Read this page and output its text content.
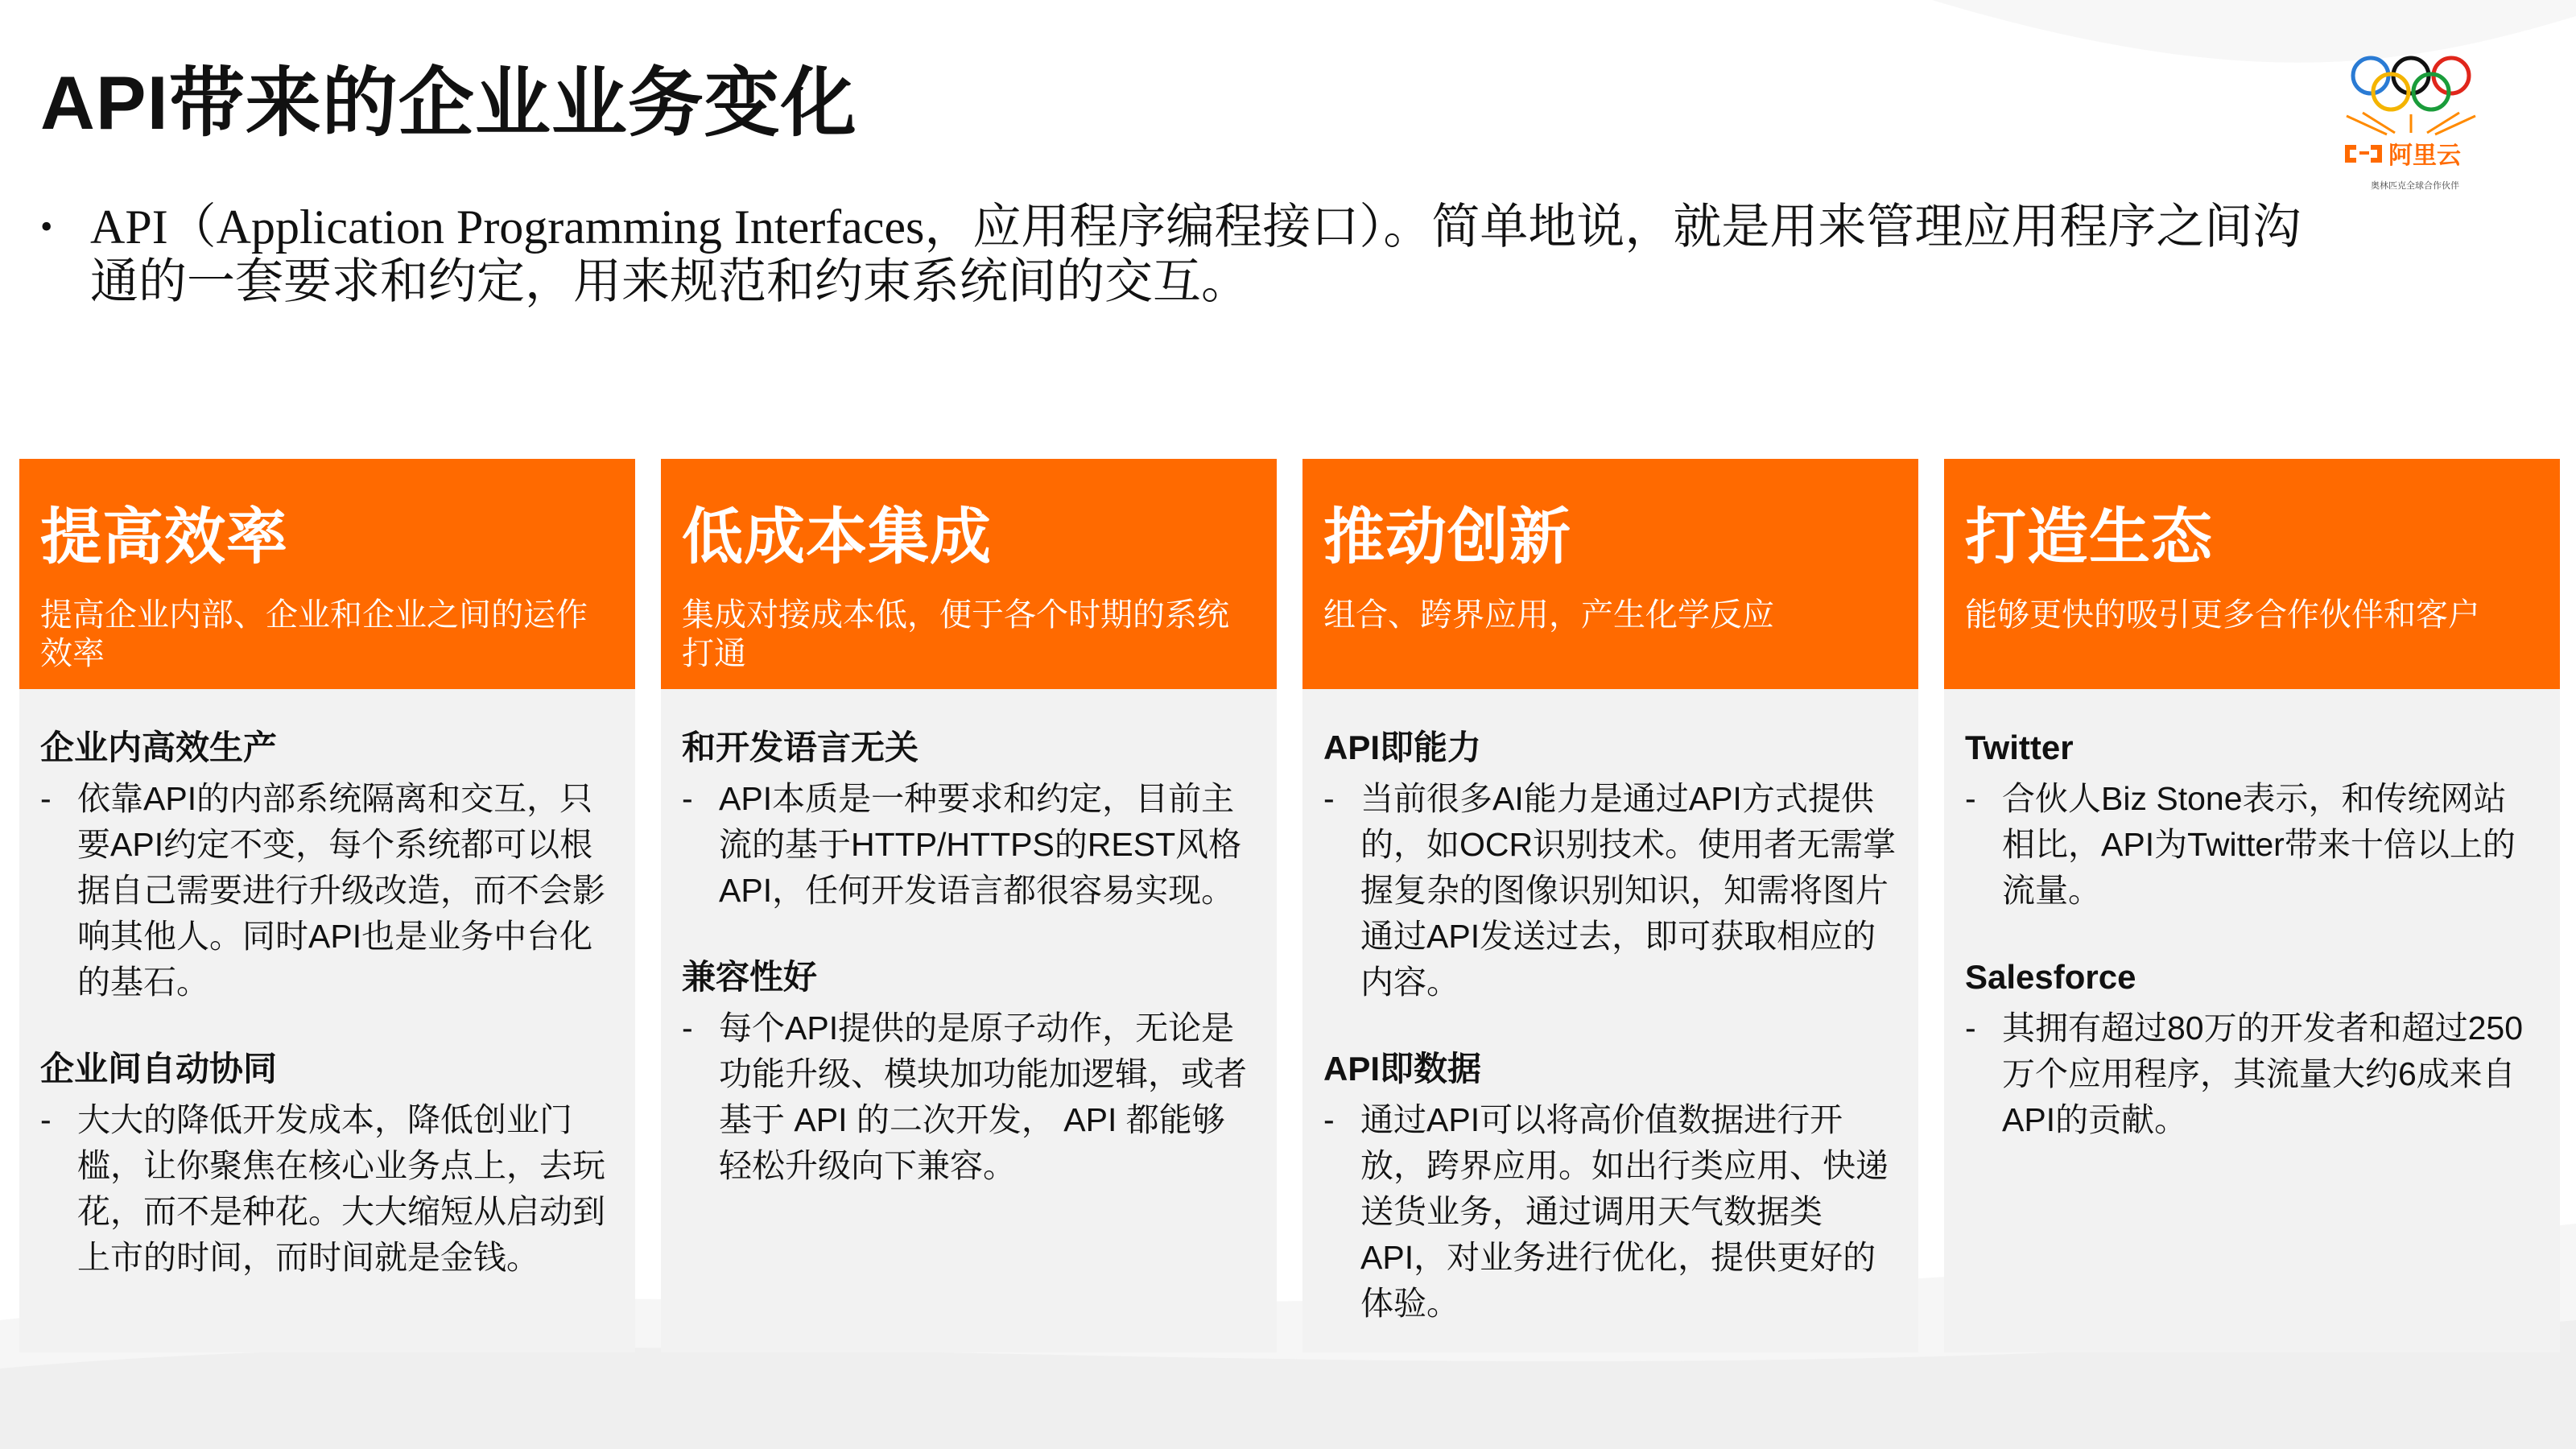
API带来的企业业务变化
阿里云
奥林匹克全球合作伙伴
• API（Application Programming Interfaces，应用程序编程接口）。简单地说，就是用来管理应用程序之间沟通的一套要求和约定，用来规范和约束系统间的交互。
提高效率
提高企业内部、企业和企业之间的运作效率
企业内高效生产
- 依靠API的内部系统隔离和交互，只要API约定不变，每个系统都可以根据自己需要进行升级改造，而不会影响其他人。同时API也是业务中台化的基石。
企业间自动协同
- 大大的降低开发成本，降低创业门槛，让你聚焦在核心业务点上，去玩花，而不是种花。大大缩短从启动到上市的时间，而时间就是金钱。
低成本集成
集成对接成本低，便于各个时期的系统打通
和开发语言无关
- API本质是一种要求和约定，目前主流的基于HTTP/HTTPS的REST风格API，任何开发语言都很容易实现。
兼容性好
- 每个API提供的是原子动作，无论是功能升级、模块加功能加逻辑，或者基于 API 的二次开发， API 都能够轻松升级向下兼容。
推动创新
组合、跨界应用，产生化学反应
API即能力
- 当前很多AI能力是通过API方式提供的，如OCR识别技术。使用者无需掌握复杂的图像识别知识，知需将图片通过API发送过去，即可获取相应的内容。
API即数据
- 通过API可以将高价值数据进行开放，跨界应用。如出行类应用、快递送货业务，通过调用天气数据类API，对业务进行优化，提供更好的体验。
打造生态
能够更快的吸引更多合作伙伴和客户
Twitter
- 合伙人Biz Stone表示，和传统网站相比，API为Twitter带来十倍以上的流量。
Salesforce
- 其拥有超过80万的开发者和超过250万个应用程序，其流量大约6成来自API的贡献。
